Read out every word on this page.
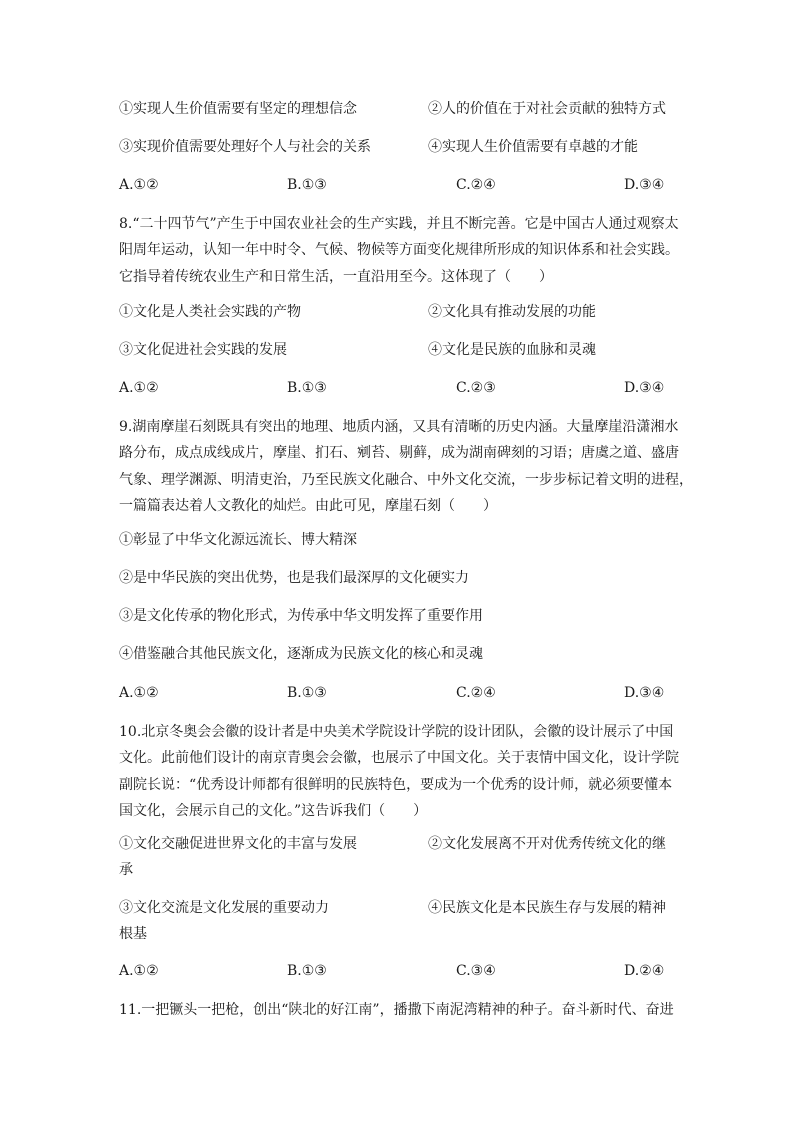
①实现人生价值需要有坚定的理想信念	②人的价值在于对社会贡献的独特方式
③实现价值需要处理好个人与社会的关系	④实现人生价值需要有卓越的才能
A.①②	B.①③	C.②④	D.③④
8.“二十四节气”产生于中国农业社会的生产实践，并且不断完善。它是中国古人通过观察太
阳周年运动，认知一年中时令、气候、物候等方面变化规律所形成的知识体系和社会实践。
它指导着传统农业生产和日常生活，一直沿用至今。这体现了（　　）
①文化是人类社会实践的产物	②文化具有推动发展的功能
③文化促进社会实践的发展	④文化是民族的血脉和灵魂
A.①②	B.①③	C.②③	D.③④
9.湖南摩崖石刻既具有突出的地理、地质内涵，又具有清晰的历史内涵。大量摩崖沿潇湘水
路分布，成点成线成片，摩崖、扪石、剜苔、剔藓，成为湖南碑刻的习语；唐虞之道、盛唐
气象、理学渊源、明清吏治，乃至民族文化融合、中外文化交流，一步步标记着文明的进程，
一篇篇表达着人文教化的灿烂。由此可见，摩崖石刻（　　）
①彰显了中华文化源远流长、博大精深
②是中华民族的突出优势，也是我们最深厚的文化硬实力
③是文化传承的物化形式，为传承中华文明发挥了重要作用
④借鉴融合其他民族文化，逐渐成为民族文化的核心和灵魂
A.①②	B.①③	C.②④	D.③④
10.北京冬奥会会徽的设计者是中央美术学院设计学院的设计团队，会徽的设计展示了中国
文化。此前他们设计的南京青奥会会徽，也展示了中国文化。关于衷情中国文化，设计学院
副院长说：“优秀设计师都有很鲜明的民族特色，要成为一个优秀的设计师，就必须要懂本
国文化，会展示自己的文化。”这告诉我们（　　）
①文化交融促进世界文化的丰富与发展	②文化发展离不开对优秀传统文化的继
承
③文化交流是文化发展的重要动力	④民族文化是本民族生存与发展的精神
根基
A.①②	B.①③	C.③④	D.②④
11.一把镢头一把枪，创出“陕北的好江南”，播撒下南泥湾精神的种子。奋斗新时代、奋进
